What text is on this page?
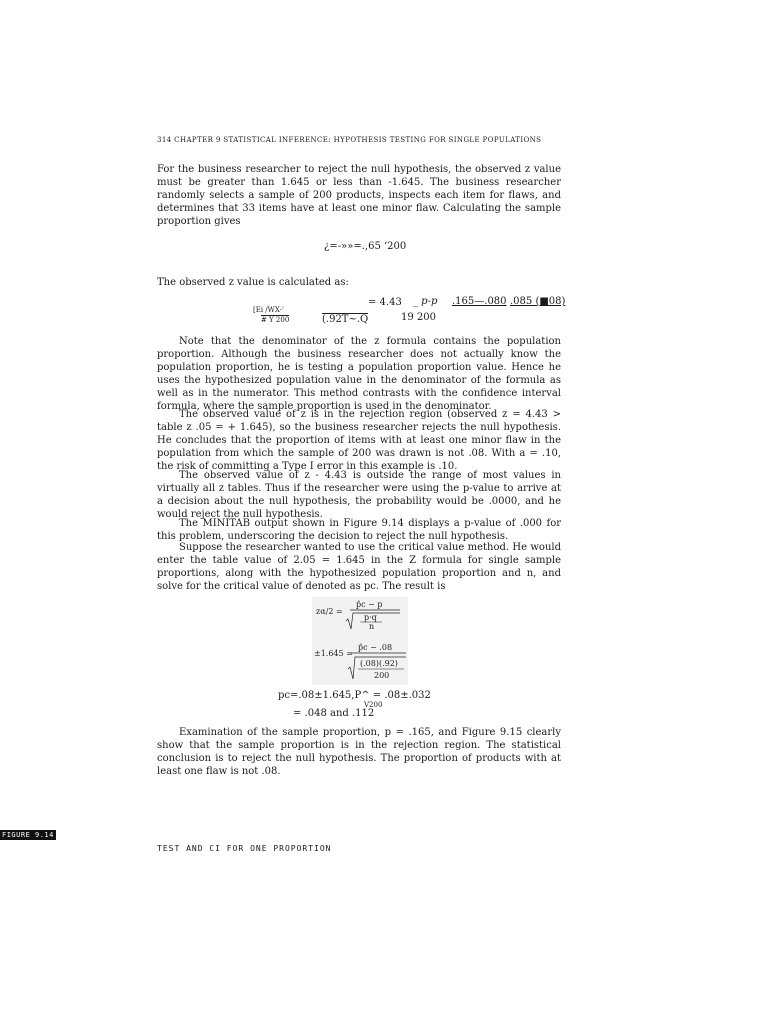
314 CHAPTER 9 STATISTICAL INFERENCE: HYPOTHESIS TESTING FOR SINGLE POPULATIONS

For the business researcher to reject the null hypothesis, the observed z value must be greater than 1.645 or less than -1.645. The business researcher randomly selects a sample of 200 products, inspects each item for flaws, and determines that 33 items have at least one minor flaw. Calculating the sample proportion gives

¿=-»»=.,65 ‘200
The observed z value is calculated as:
[Ei /WX-'
# Y 200
= 4.43
(.92T~.Q
_ p-p .165—.080 .085 (■08)
19 200

Note that the denominator of the z formula contains the population proportion. Although the business researcher does not actually know the population proportion, he is testing a population proportion value. Hence he uses the hypothesized population value in the denominator of the formula as well as in the numerator. This method contrasts with the confidence interval formula, where the sample proportion is used in the denominator.

The observed value of z is in the rejection region (observed z = 4.43 > table z .05 = + 1.645), so the business researcher rejects the null hypothesis. He concludes that the proportion of items with at least one minor flaw in the population from which the sample of 200 was drawn is not .08. With a = .10, the risk of committing a Type I error in this example is .10.

The observed value of z - 4.43 is outside the range of most values in virtually all z tables. Thus if the researcher were using the p-value to arrive at a decision about the null hypothesis, the probability would be .0000, and he would reject the null hypothesis.

The MINITAB output shown in Figure 9.14 displays a p-value of .000 for this problem, underscoring the decision to reject the null hypothesis.

Suppose the researcher wanted to use the critical value method. He would enter the table value of 2.05 = 1.645 in the Z formula for single sample proportions, along with the hypothesized population proportion and n, and solve for the critical value of denoted as pc. The result is

zα/2 =
p̂c − p
p·q
n
±1.645 =
p̂c − .08
(.08)(.92)
200
pc=.08±1.645,P^ = .08±.032
V200
= .048 and .112

Examination of the sample proportion, p = .165, and Figure 9.15 clearly show that the sample proportion is in the rejection region. The statistical conclusion is to reject the null hypothesis. The proportion of products with at least one flaw is not .08.

FIGURE 9.14
TEST AND CI FOR ONE PROPORTION
